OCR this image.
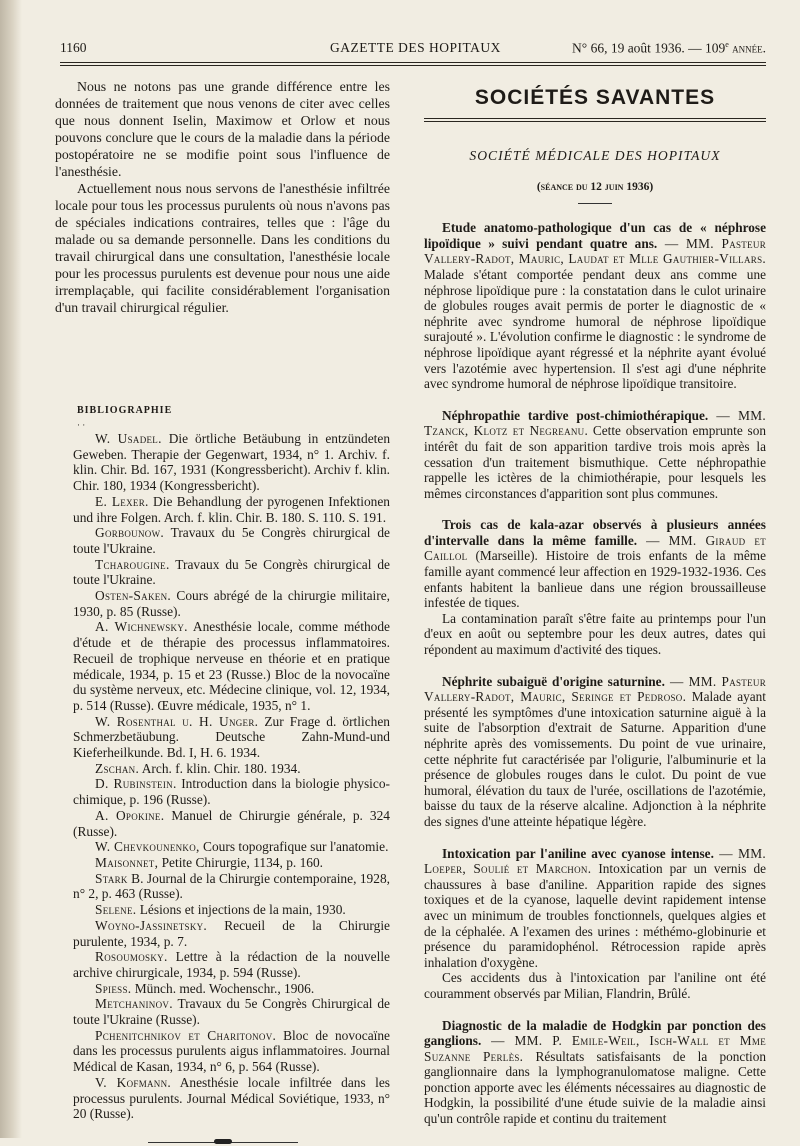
1160	GAZETTE DES HOPITAUX	N° 66, 19 août 1936. — 109e année.

Nous ne notons pas une grande différence entre les données de traitement que nous venons de citer avec celles que nous donnent Iselin, Maximow et Orlow et nous pouvons conclure que le cours de la maladie dans la période postopératoire ne se modifie point sous l'influence de l'anesthésie.

Actuellement nous nous servons de l'anesthésie infiltrée locale pour tous les processus purulents où nous n'avons pas de spéciales indications contraires, telles que : l'âge du malade ou sa demande personnelle. Dans les conditions du travail chirurgical dans une consultation, l'anesthésie locale pour les processus purulents est devenue pour nous une aide irremplaçable, qui facilite considérablement l'organisation d'un travail chirurgical régulier.

BIBLIOGRAPHIE

· ·

W. Usadel. Die örtliche Betäubung in entzündeten Geweben. Therapie der Gegenwart, 1934, n° 1. Archiv. f. klin. Chir. Bd. 167, 1931 (Kongressbericht). Archiv f. klin. Chir. 180, 1934 (Kongressbericht).

E. Lexer. Die Behandlung der pyrogenen Infektionen und ihre Folgen. Arch. f. klin. Chir. B. 180. S. 110. S. 191.

Gorbounow. Travaux du 5e Congrès chirurgical de toute l'Ukraine.

Tcharougine. Travaux du 5e Congrès chirurgical de toute l'Ukraine.

Osten-Saken. Cours abrégé de la chirurgie militaire, 1930, p. 85 (Russe).

A. Wichnewsky. Anesthésie locale, comme méthode d'étude et de thérapie des processus inflammatoires. Recueil de trophique nerveuse en théorie et en pratique médicale, 1934, p. 15 et 23 (Russe.) Bloc de la novocaïne du système nerveux, etc. Médecine clinique, vol. 12, 1934, p. 514 (Russe). Œuvre médicale, 1935, n° 1.

W. Rosenthal u. H. Unger. Zur Frage d. örtlichen Schmerzbetäubung. Deutsche Zahn-Mund-und Kieferheilkunde. Bd. I, H. 6. 1934.

Zschan. Arch. f. klin. Chir. 180. 1934.

D. Rubinstein. Introduction dans la biologie physico-chimique, p. 196 (Russe).

A. Opokine. Manuel de Chirurgie générale, p. 324 (Russe).

W. Chevkounenko, Cours topografique sur l'anatomie.

Maisonnet, Petite Chirurgie, 1134, p. 160.

Stark B. Journal de la Chirurgie contemporaine, 1928, n° 2, p. 463 (Russe).

Selene. Lésions et injections de la main, 1930.

Woyno-Jassinetsky. Recueil de la Chirurgie purulente, 1934, p. 7.

Rosoumosky. Lettre à la rédaction de la nouvelle archive chirurgicale, 1934, p. 594 (Russe).

Spiess. Münch. med. Wochenschr., 1906.

Metchaninov. Travaux du 5e Congrès Chirurgical de toute l'Ukraine (Russe).

Pchenitchnikov et Charitonov. Bloc de novocaïne dans les processus purulents aigus inflammatoires. Journal Médical de Kasan, 1934, n° 6, p. 564 (Russe).

V. Kofmann. Anesthésie locale infiltrée dans les processus purulents. Journal Médical Soviétique, 1933, n° 20 (Russe).

SOCIÉTÉS SAVANTES

SOCIÉTÉ MÉDICALE DES HOPITAUX

(séance du 12 juin 1936)

Etude anatomo-pathologique d'un cas de « néphrose lipoïdique » suivi pendant quatre ans. — MM. Pasteur Vallery-Radot, Mauric, Laudat et Mlle Gauthier-Villars. Malade s'étant comportée pendant deux ans comme une néphrose lipoïdique pure : la constatation dans le culot urinaire de globules rouges avait permis de porter le diagnostic de « néphrite avec syndrome humoral de néphrose lipoïdique surajouté ». L'évolution confirme le diagnostic : le syndrome de néphrose lipoïdique ayant régressé et la néphrite ayant évolué vers l'azotémie avec hypertension. Il s'est agi d'une néphrite avec syndrome humoral de néphrose lipoïdique transitoire.

Néphropathie tardive post-chimiothérapique. — MM. Tzanck, Klotz et Negreanu. Cette observation emprunte son intérêt du fait de son apparition tardive trois mois après la cessation d'un traitement bismuthique. Cette néphropathie rappelle les ictères de la chimiothérapie, pour lesquels les mêmes circonstances d'apparition sont plus communes.

Trois cas de kala-azar observés à plusieurs années d'intervalle dans la même famille. — MM. Giraud et Caillol (Marseille). Histoire de trois enfants de la même famille ayant commencé leur affection en 1929-1932-1936. Ces enfants habitent la banlieue dans une région broussailleuse infestée de tiques.

La contamination paraît s'être faite au printemps pour l'un d'eux en août ou septembre pour les deux autres, dates qui répondent au maximum d'activité des tiques.

Néphrite subaiguë d'origine saturnine. — MM. Pasteur Vallery-Radot, Mauric, Seringe et Pedroso. Malade ayant présenté les symptômes d'une intoxication saturnine aiguë à la suite de l'absorption d'extrait de Saturne. Apparition d'une néphrite après des vomissements. Du point de vue urinaire, cette néphrite fut caractérisée par l'oligurie, l'albuminurie et la présence de globules rouges dans le culot. Du point de vue humoral, élévation du taux de l'urée, oscillations de l'azotémie, baisse du taux de la réserve alcaline. Adjonction à la néphrite des signes d'une atteinte hépatique légère.

Intoxication par l'aniline avec cyanose intense. — MM. Loeper, Soulié et Marchon. Intoxication par un vernis de chaussures à base d'aniline. Apparition rapide des signes toxiques et de la cyanose, laquelle devint rapidement intense avec un minimum de troubles fonctionnels, quelques algies et de la céphalée. A l'examen des urines : méthémo-globinurie et présence du paramidophénol. Rétrocession rapide après inhalation d'oxygène.

Ces accidents dus à l'intoxication par l'aniline ont été couramment observés par Milian, Flandrin, Brûlé.

Diagnostic de la maladie de Hodgkin par ponction des ganglions. — MM. P. Emile-Weil, Isch-Wall et Mme Suzanne Perlès. Résultats satisfaisants de la ponction ganglionnaire dans la lymphogranulomatose maligne. Cette ponction apporte avec les éléments nécessaires au diagnostic de Hodgkin, la possibilité d'une étude suivie de la maladie ainsi qu'un contrôle rapide et continu du traitement
